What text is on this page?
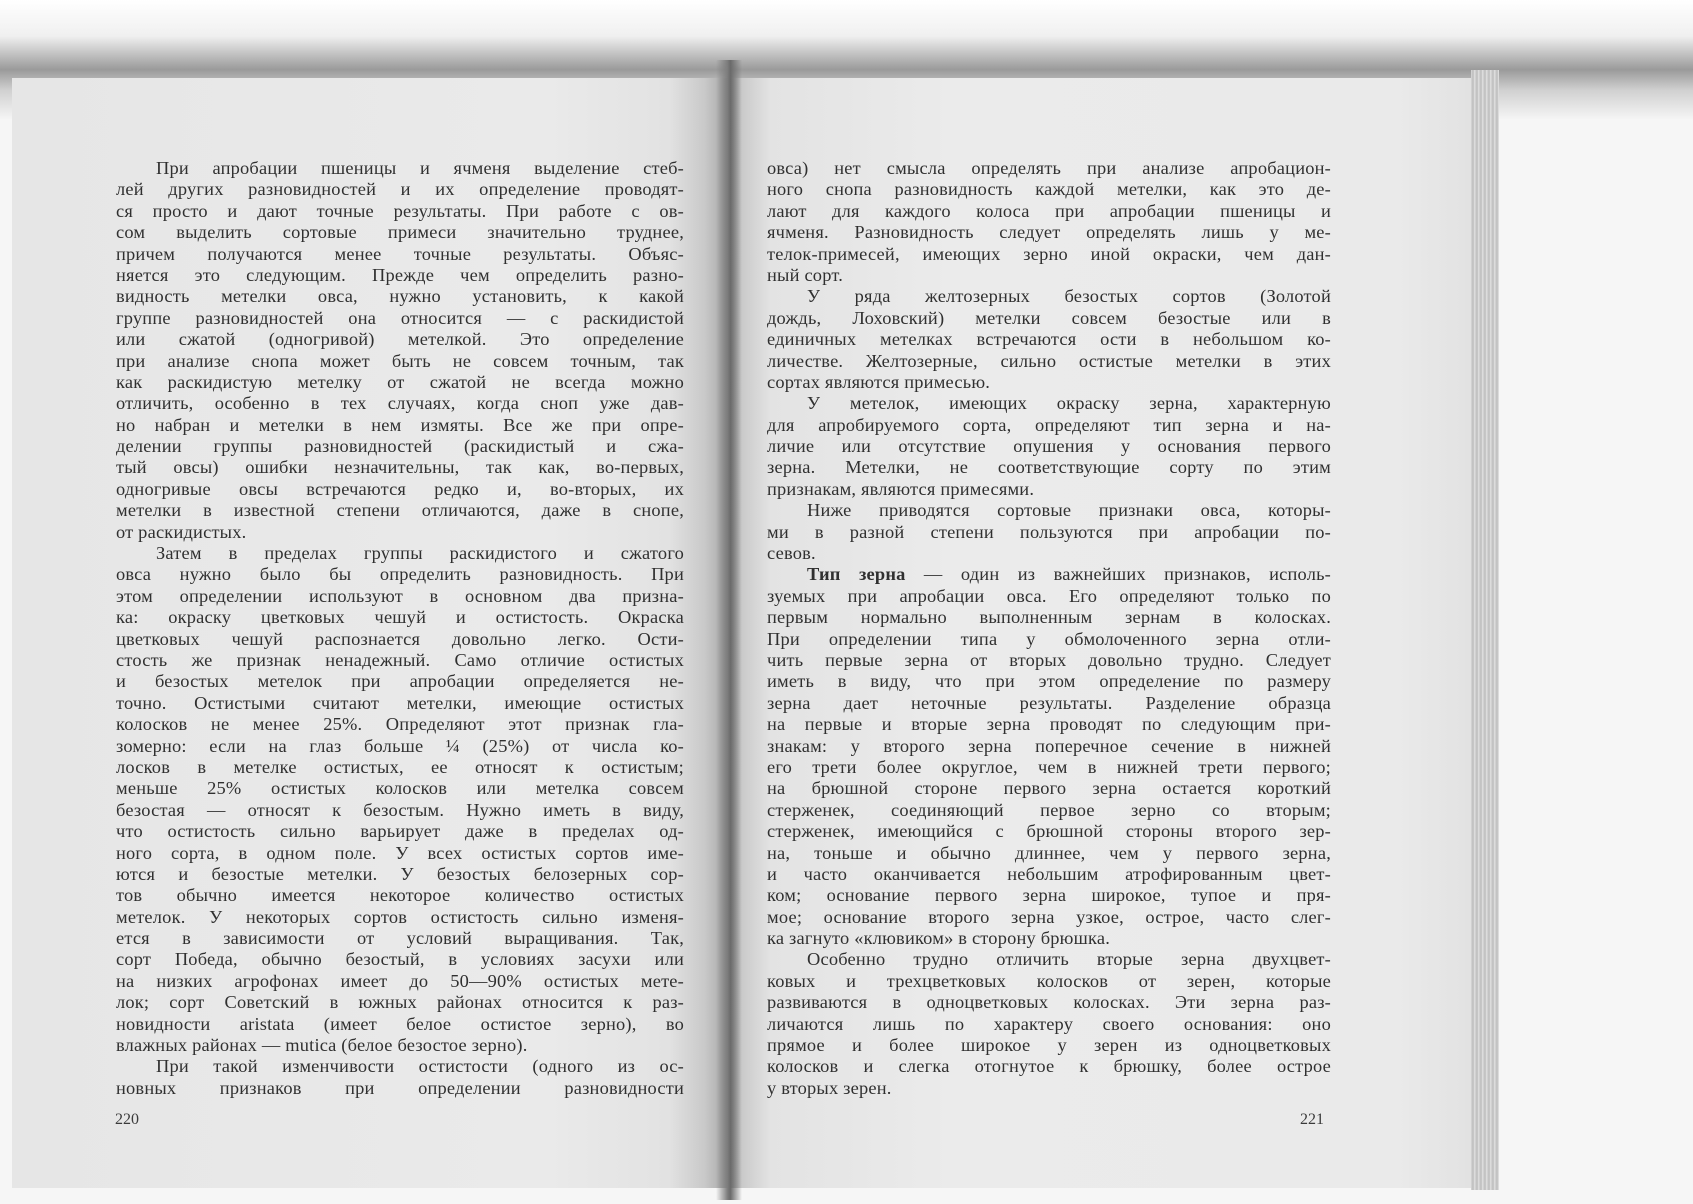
При апробации пшеницы и ячменя выделение стеб-
лей других разновидностей и их определение проводят-
ся просто и дают точные результаты. При работе с ов-
сом выделить сортовые примеси значительно труднее,
причем получаются менее точные результаты. Объяс-
няется это следующим. Прежде чем определить разно-
видность метелки овса, нужно установить, к какой
группе разновидностей она относится — с раскидистой
или сжатой (одногривой) метелкой. Это определение
при анализе снопа может быть не совсем точным, так
как раскидистую метелку от сжатой не всегда можно
отличить, особенно в тех случаях, когда сноп уже дав-
но набран и метелки в нем измяты. Все же при опре-
делении группы разновидностей (раскидистый и сжа-
тый овсы) ошибки незначительны, так как, во-первых,
одногривые овсы встречаются редко и, во-вторых, их
метелки в известной степени отличаются, даже в снопе,
от раскидистых.
Затем в пределах группы раскидистого и сжатого
овса нужно было бы определить разновидность. При
этом определении используют в основном два призна-
ка: окраску цветковых чешуй и остистость. Окраска
цветковых чешуй распознается довольно легко. Ости-
стость же признак ненадежный. Само отличие остистых
и безостых метелок при апробации определяется не-
точно. Остистыми считают метелки, имеющие остистых
колосков не менее 25%. Определяют этот признак гла-
зомерно: если на глаз больше ¼ (25%) от числа ко-
лосков в метелке остистых, ее относят к остистым;
меньше 25% остистых колосков или метелка совсем
безостая — относят к безостым. Нужно иметь в виду,
что остистость сильно варьирует даже в пределах од-
ного сорта, в одном поле. У всех остистых сортов име-
ются и безостые метелки. У безостых белозерных сор-
тов обычно имеется некоторое количество остистых
метелок. У некоторых сортов остистость сильно изменя-
ется в зависимости от условий выращивания. Так,
сорт Победа, обычно безостый, в условиях засухи или
на низких агрофонах имеет до 50—90% остистых мете-
лок; сорт Советский в южных районах относится к раз-
новидности aristata (имеет белое остистое зерно), во
влажных районах — mutica (белое безостое зерно).
При такой изменчивости остистости (одного из ос-
новных признаков при определении разновидности
овса) нет смысла определять при анализе апробацион-
ного снопа разновидность каждой метелки, как это де-
лают для каждого колоса при апробации пшеницы и
ячменя. Разновидность следует определять лишь у ме-
телок-примесей, имеющих зерно иной окраски, чем дан-
ный сорт.
У ряда желтозерных безостых сортов (Золотой
дождь, Лоховский) метелки совсем безостые или в
единичных метелках встречаются ости в небольшом ко-
личестве. Желтозерные, сильно остистые метелки в этих
сортах являются примесью.
У метелок, имеющих окраску зерна, характерную
для апробируемого сорта, определяют тип зерна и на-
личие или отсутствие опушения у основания первого
зерна. Метелки, не соответствующие сорту по этим
признакам, являются примесями.
Ниже приводятся сортовые признаки овса, которы-
ми в разной степени пользуются при апробации по-
севов.
Тип зерна — один из важнейших признаков, исполь-
зуемых при апробации овса. Его определяют только по
первым нормально выполненным зернам в колосках.
При определении типа у обмолоченного зерна отли-
чить первые зерна от вторых довольно трудно. Следует
иметь в виду, что при этом определение по размеру
зерна дает неточные результаты. Разделение образца
на первые и вторые зерна проводят по следующим при-
знакам: у второго зерна поперечное сечение в нижней
его трети более округлое, чем в нижней трети первого;
на брюшной стороне первого зерна остается короткий
стерженек, соединяющий первое зерно со вторым;
стерженек, имеющийся с брюшной стороны второго зер-
на, тоньше и обычно длиннее, чем у первого зерна,
и часто оканчивается небольшим атрофированным цвет-
ком; основание первого зерна широкое, тупое и пря-
мое; основание второго зерна узкое, острое, часто слег-
ка загнуто «клювиком» в сторону брюшка.
Особенно трудно отличить вторые зерна двухцвет-
ковых и трехцветковых колосков от зерен, которые
развиваются в одноцветковых колосках. Эти зерна раз-
личаются лишь по характеру своего основания: оно
прямое и более широкое у зерен из одноцветковых
колосков и слегка отогнутое к брюшку, более острое
у вторых зерен.
220	221
